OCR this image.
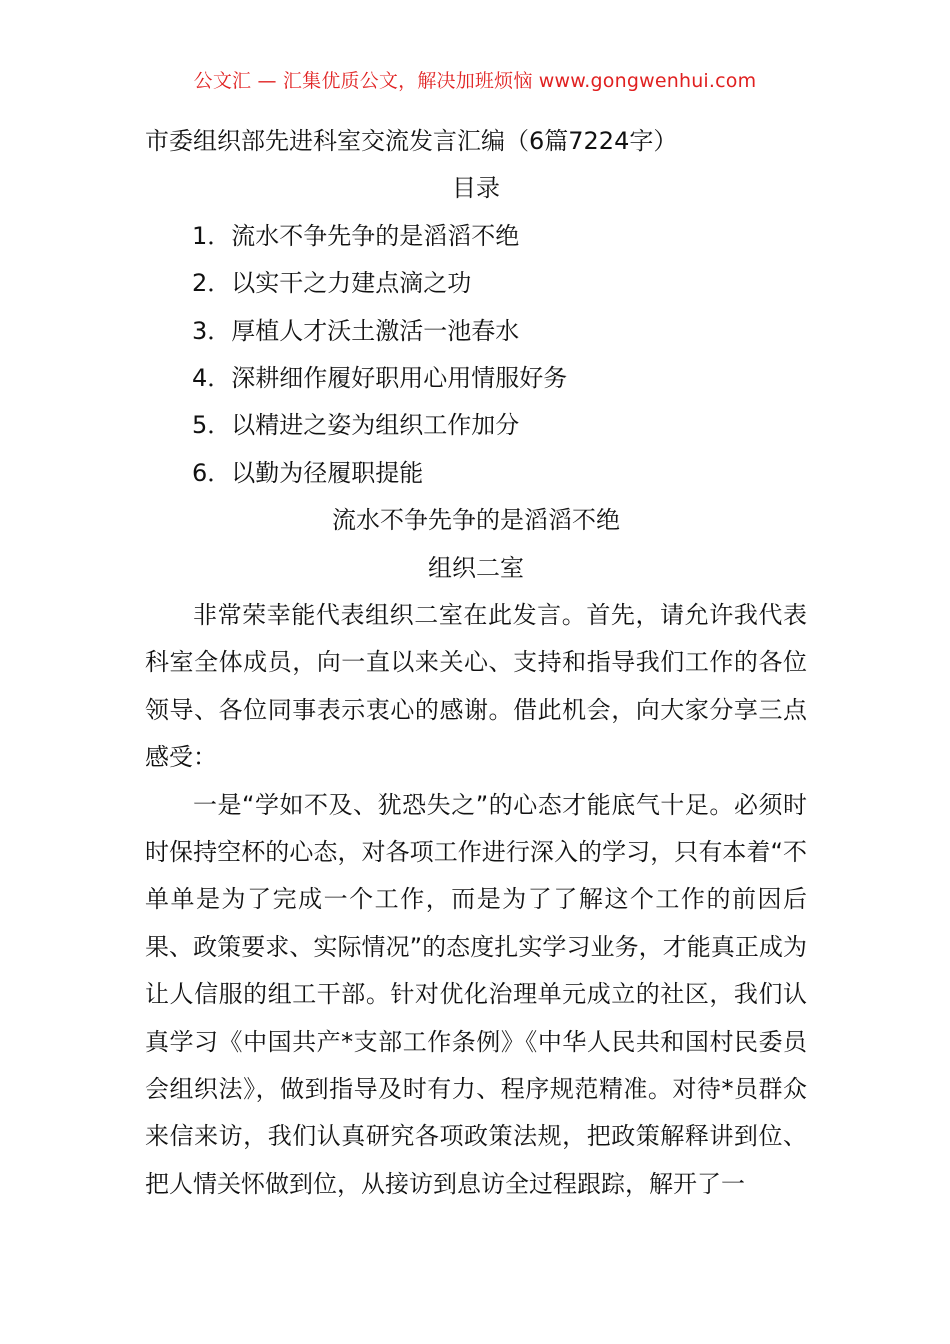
公文汇 — 汇集优质公文，解决加班烦恼 www.gongwenhui.com
市委组织部先进科室交流发言汇编（6篇7224字）
目录
1．流水不争先争的是滔滔不绝
2．以实干之力建点滴之功
3．厚植人才沃土激活一池春水
4．深耕细作履好职用心用情服好务
5．以精进之姿为组织工作加分
6．以勤为径履职提能
流水不争先争的是滔滔不绝
组织二室

非常荣幸能代表组织二室在此发言。首先，请允许我代表科室全体成员，向一直以来关心、支持和指导我们工作的各位领导、各位同事表示衷心的感谢。借此机会，向大家分享三点感受：

一是“学如不及、犹恐失之”的心态才能底气十足。必须时时保持空杯的心态，对各项工作进行深入的学习，只有本着“不单单是为了完成一个工作，而是为了了解这个工作的前因后果、政策要求、实际情况”的态度扎实学习业务，才能真正成为让人信服的组工干部。针对优化治理单元成立的社区，我们认真学习《中国共产*支部工作条例》《中华人民共和国村民委员会组织法》，做到指导及时有力、程序规范精准。对待*员群众来信来访，我们认真研究各项政策法规，把政策解释讲到位、把人情关怀做到位，从接访到息访全过程跟踪，解开了一
